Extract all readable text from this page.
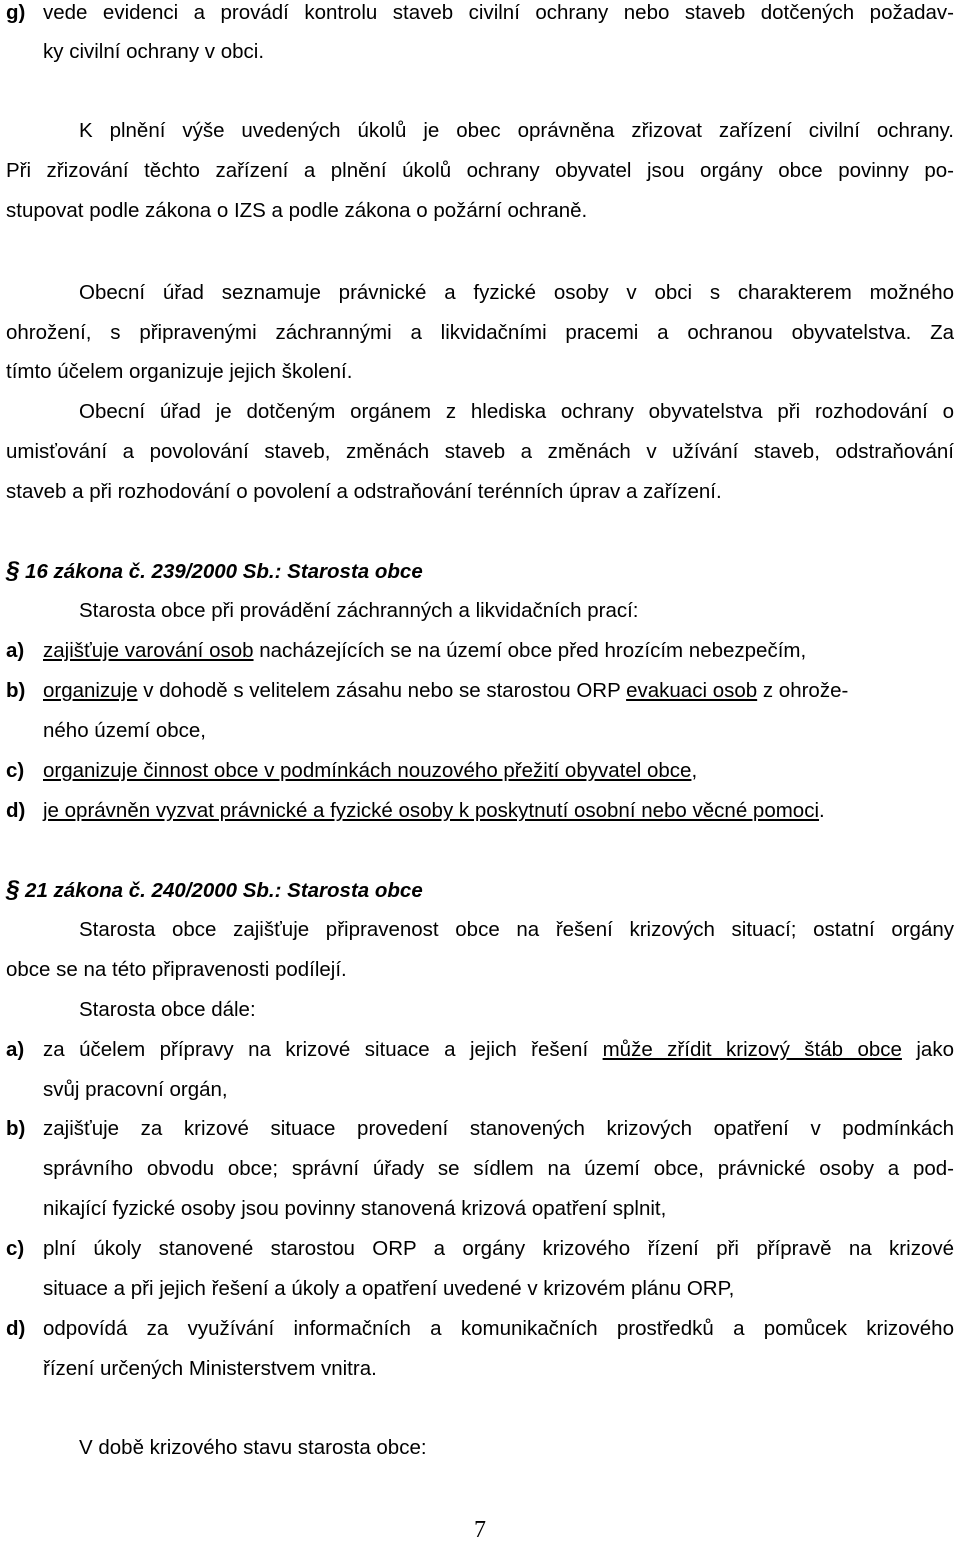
g) vede evidenci a provádí kontrolu staveb civilní ochrany nebo staveb dotčených požadav-
ky civilní ochrany v obci.
K plnění výše uvedených úkolů je obec oprávněna zřizovat zařízení civilní ochrany.
Při zřizování těchto zařízení a plnění úkolů ochrany obyvatel jsou orgány obce povinny po-
stupovat podle zákona o IZS a podle zákona o požární ochraně.
Obecní úřad seznamuje právnické a fyzické osoby v obci s charakterem možného
ohrožení, s připravenými záchrannými a likvidačními pracemi a ochranou obyvatelstva. Za
tímto účelem organizuje jejich školení.
Obecní úřad je dotčeným orgánem z hlediska ochrany obyvatelstva při rozhodování o
umisťování a povolování staveb, změnách staveb a změnách v užívání staveb, odstraňování
staveb a při rozhodování o povolení a odstraňování terénních úprav a zařízení.
§ 16 zákona č. 239/2000 Sb.: Starosta obce
Starosta obce při provádění záchranných a likvidačních prací:
a) zajišťuje varování osob nacházejících se na území obce před hrozícím nebezpečím,
b) organizuje v dohodě s velitelem zásahu nebo se starostou ORP evakuaci osob z ohrože-
ného území obce,
c) organizuje činnost obce v podmínkách nouzového přežití obyvatel obce,
d) je oprávněn vyzvat právnické a fyzické osoby k poskytnutí osobní nebo věcné pomoci.
§ 21 zákona č. 240/2000 Sb.: Starosta obce
Starosta obce zajišťuje připravenost obce na řešení krizových situací; ostatní orgány
obce se na této připravenosti podílejí.
Starosta obce dále:
a) za účelem přípravy na krizové situace a jejich řešení může zřídit krizový štáb obce jako
svůj pracovní orgán,
b) zajišťuje za krizové situace provedení stanovených krizových opatření v podmínkách
správního obvodu obce; správní úřady se sídlem na území obce, právnické osoby a pod-
nikající fyzické osoby jsou povinny stanovená krizová opatření splnit,
c) plní úkoly stanovené starostou ORP a orgány krizového řízení při přípravě na krizové
situace a při jejich řešení a úkoly a opatření uvedené v krizovém plánu ORP,
d) odpovídá za využívání informačních a komunikačních prostředků a pomůcek krizového
řízení určených Ministerstvem vnitra.
V době krizového stavu starosta obce:
7
